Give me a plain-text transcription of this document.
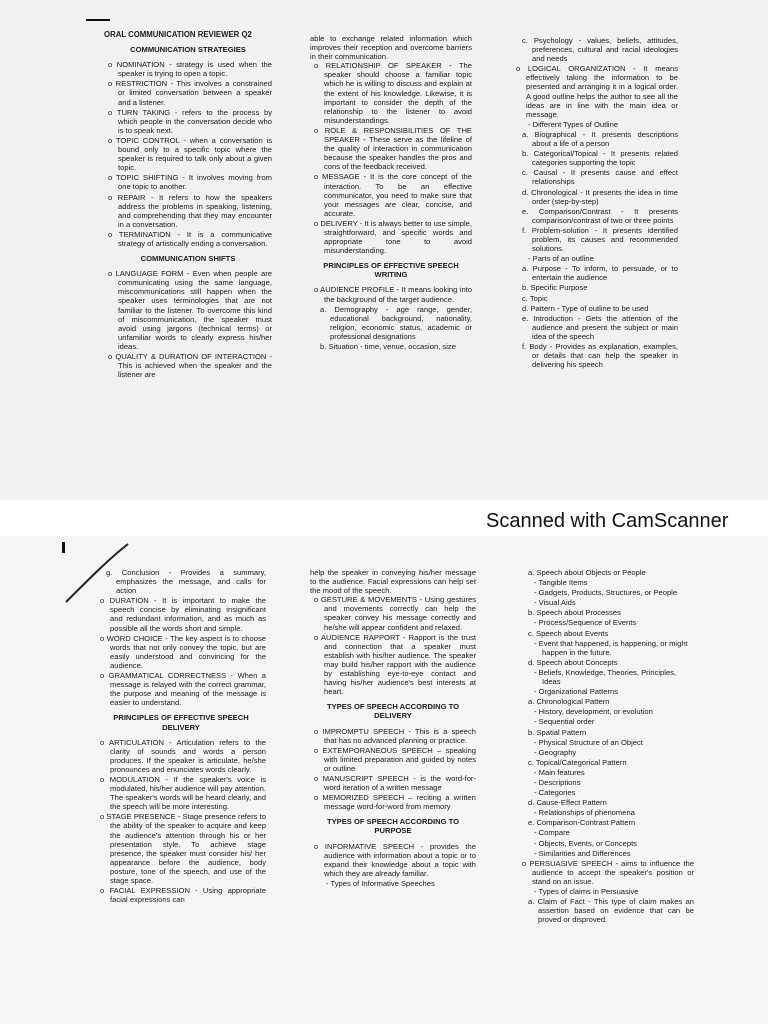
ORAL COMMUNICATION REVIEWER Q2

COMMUNICATION STRATEGIES

o NOMINATION - strategy is used when the speaker is trying to open a topic.

o RESTRICTION - This involves a constrained or limited conversation between a speaker and a listener.

o TURN TAKING - refers to the process by which people in the conversation decide who is to speak next.

o TOPIC CONTROL - when a conversation is bound only to a specific topic where the speaker is required to talk only about a given topic.

o TOPIC SHIFTING - It involves moving from one topic to another.

o REPAIR - It refers to how the speakers address the problems in speaking, listening, and comprehending that they may encounter in a conversation.

o TERMINATION - It is a communicative strategy of artistically ending a conversation.

COMMUNICATION SHIFTS

o LANGUAGE FORM - Even when people are communicating using the same language, miscommunications still happen when the speaker uses terminologies that are not familiar to the listener. To overcome this kind of miscommunication, the speaker must avoid using jargons (technical terms) or unfamiliar words to clearly express his/her ideas.

o QUALITY & DURATION OF INTERACTION - This is achieved when the speaker and the listener are

able to exchange related information which improves their reception and overcome barriers in their communication.

o RELATIONSHIP OF SPEAKER - The speaker should choose a familiar topic which he is willing to discuss and explain at the extent of his knowledge. Likewise, it is important to consider the depth of the relationship to the listener to avoid misunderstandings.

o ROLE & RESPONSIBILITIES OF THE SPEAKER - These serve as the lifeline of the quality of interaction in communication because the speaker handles the pros and cons of the feedback received.

o MESSAGE - It is the core concept of the interaction. To be an effective communicator, you need to make sure that your messages are clear, concise, and accurate.

o DELIVERY - It is always better to use simple, straightforward, and specific words and appropriate tone to avoid misunderstanding.

PRINCIPLES OF EFFECTIVE SPEECH WRITING

o AUDIENCE PROFILE - It means looking into the background of the target audience.

a. Demography - age range, gender, educational background, nationality, religion, economic status, academic or professional designations

b. Situation - time, venue, occasion, size

c. Psychology - values, beliefs, attitudes, preferences, cultural and racial ideologies and needs

o LOGICAL ORGANIZATION - It means effectively taking the information to be presented and arranging it in a logical order. A good outline helps the author to see all the ideas are in line with the main idea or message.

- Different Types of Outline

a. Biographical - It presents descriptions about a life of a person

b. Categorical/Topical - It presents related categories supporting the topic

c. Causal - It presents cause and effect relationships

d. Chronological - It presents the idea in time order (step-by-step)

e. Comparison/Contrast - It presents comparison/contrast of two or three points

f. Problem-solution - It presents identified problem, its causes and recommended solutions.

- Parts of an outline

a. Purpose - To inform, to persuade, or to entertain the audience

b. Specific Purpose

c. Topic

d. Pattern - Type of outline to be used

e. Introduction - Gets the attention of the audience and present the subject or main idea of the speech

f. Body - Provides as explanation, examples, or details that can help the speaker in delivering his speech

Scanned with CamScanner

g. Conclusion - Provides a summary, emphasizes the message, and calls for action

o DURATION - It is important to make the speech concise by eliminating insignificant and redundant information, and as much as possible all the words short and simple.

o WORD CHOICE - The key aspect is to choose words that not only convey the topic, but are easily understood and convincing for the audience.

o GRAMMATICAL CORRECTNESS - When a message is relayed with the correct grammar, the purpose and meaning of the message is easier to understand.

PRINCIPLES OF EFFECTIVE SPEECH DELIVERY

o ARTICULATION - Articulation refers to the clarity of sounds and words a person produces. If the speaker is articulate, he/she pronounces and enunciates words clearly.

o MODULATION - If the speaker's voice is modulated, his/her audience will pay attention. The speaker's words will be heard clearly, and the speech will be more interesting.

o STAGE PRESENCE - Stage presence refers to the ability of the speaker to acquire and keep the audience's attention through his or her presentation style. To achieve stage presence, the speaker must consider his/ her appearance before the audience, body posture, tone of the speech, and use of the stage space.

o FACIAL EXPRESSION - Using appropriate facial expressions can

help the speaker in conveying his/her message to the audience. Facial expressions can help set the mood of the speech.

o GESTURE & MOVEMENTS - Using gestures and movements correctly can help the speaker convey his message correctly and he/she will appear confident and relaxed.

o AUDIENCE RAPPORT - Rapport is the trust and connection that a speaker must establish with his/her audience. The speaker may build his/her rapport with the audience by establishing eye-to-eye contact and having his/her audience's best interests at heart.

TYPES OF SPEECH ACCORDING TO DELIVERY

o IMPROMPTU SPEECH - This is a speech that has no advanced planning or practice.

o EXTEMPORANEOUS SPEECH – speaking with limited preparation and guided by notes or outline

o MANUSCRIPT SPEECH - is the word-for-word iteration of a written message

o MEMORIZED SPEECH – reciting a written message word-for-word from memory

TYPES OF SPEECH ACCORDING TO PURPOSE

o INFORMATIVE SPEECH - provides the audience with information about a topic or to expand their knowledge about a topic with which they are already familiar.

- Types of Informative Speeches

a. Speech about Objects or People

- Tangible Items

- Gadgets, Products, Structures, or People

- Visual Aids

b. Speech about Processes

- Process/Sequence of Events

c. Speech about Events

- Event that happened, is happening, or might happen in the future.

d. Speech about Concepts

- Beliefs, Knowledge, Theories, Principles, Ideas

- Organizational Patterns

a. Chronological Pattern

- History, development, or evolution

- Sequential order

b. Spatial Pattern

- Physical Structure of an Object

- Geography

c. Topical/Categorical Pattern

- Main features

- Descriptions

- Categories

d. Cause-Effect Pattern

- Relationships of phenomena

e. Comparison-Contrast Pattern

- Compare

- Objects, Events, or Concepts

- Similarities and Differences

o PERSUASIVE SPEECH - aims to influence the audience to accept the speaker's position or stand on an issue.

- Types of claims in Persuasive

a. Claim of Fact - This type of claim makes an assertion based on evidence that can be proved or disproved.
